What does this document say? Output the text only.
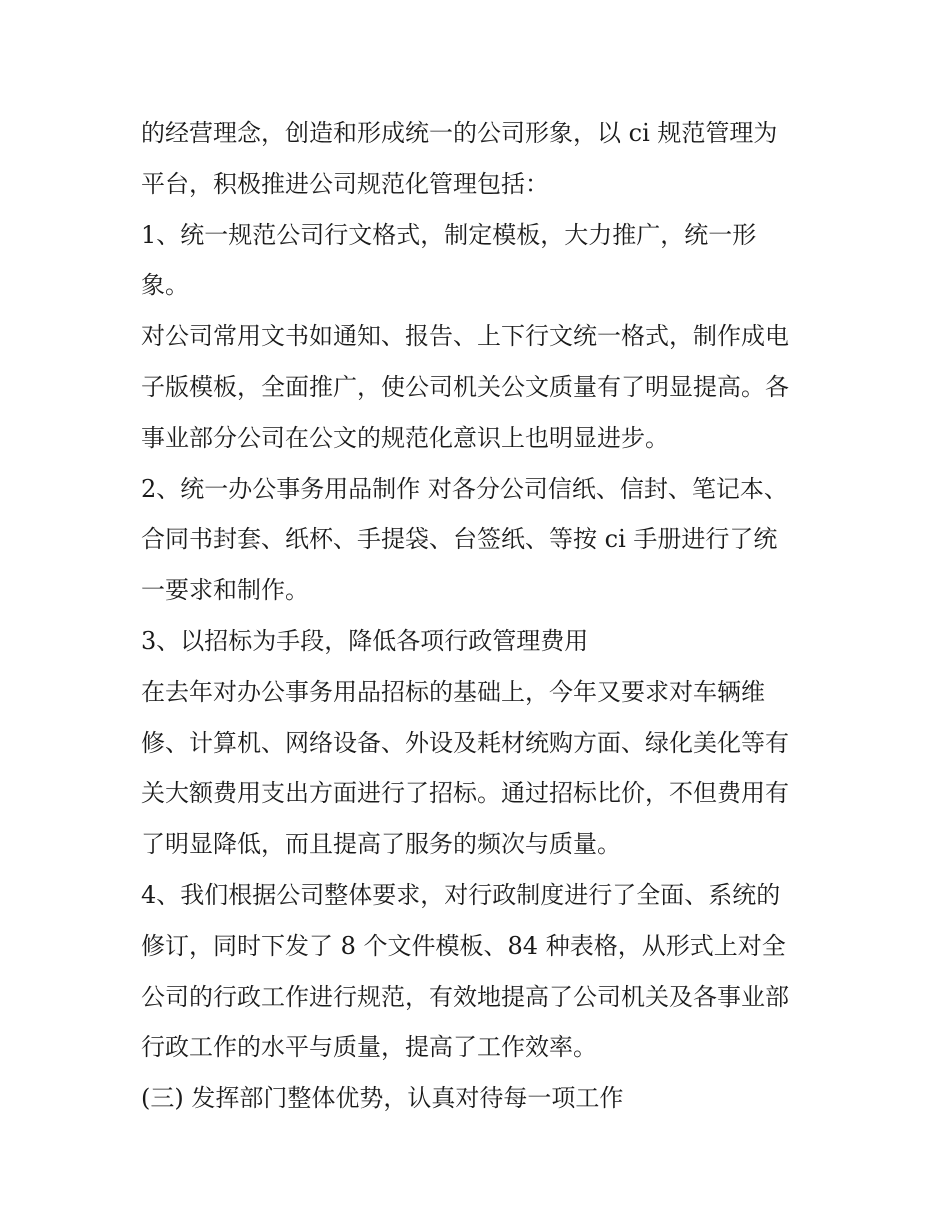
的经营理念，创造和形成统一的公司形象，以 ci 规范管理为
平台，积极推进公司规范化管理包括：
1、统一规范公司行文格式，制定模板，大力推广，统一形
象。
对公司常用文书如通知、报告、上下行文统一格式，制作成电
子版模板，全面推广，使公司机关公文质量有了明显提高。各
事业部分公司在公文的规范化意识上也明显进步。
2、统一办公事务用品制作 对各分公司信纸、信封、笔记本、
合同书封套、纸杯、手提袋、台签纸、等按 ci 手册进行了统
一要求和制作。
3、以招标为手段，降低各项行政管理费用
在去年对办公事务用品招标的基础上，今年又要求对车辆维
修、计算机、网络设备、外设及耗材统购方面、绿化美化等有
关大额费用支出方面进行了招标。通过招标比价，不但费用有
了明显降低，而且提高了服务的频次与质量。
4、我们根据公司整体要求，对行政制度进行了全面、系统的
修订，同时下发了 8 个文件模板、84 种表格，从形式上对全
公司的行政工作进行规范，有效地提高了公司机关及各事业部
行政工作的水平与质量，提高了工作效率。
(三) 发挥部门整体优势，认真对待每一项工作
